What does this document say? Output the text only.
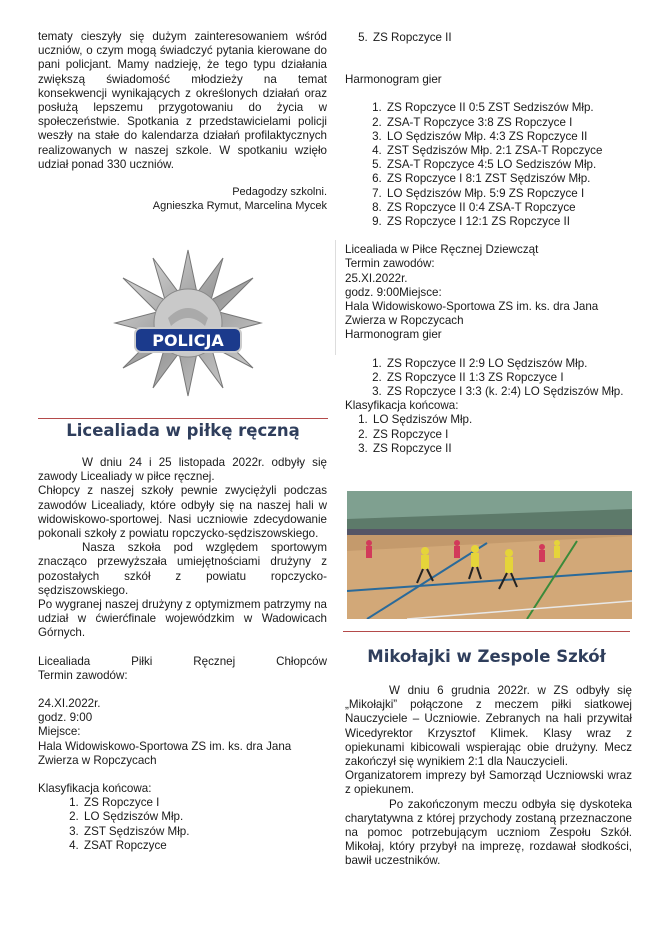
tematy cieszyły się dużym zainteresowaniem wśród uczniów, o czym mogą świadczyć pytania kierowane do pani policjant. Mamy nadzieję, że tego typu działania zwiększą świadomość młodzieży na temat konsekwencji wynikających z określonych działań oraz posłużą lepszemu przygotowaniu do życia w społeczeństwie. Spotkania z przedstawicielami policji weszły na stałe do kalendarza działań profilaktycznych realizowanych w naszej szkole. W spotkaniu wzięło udział ponad 330 uczniów.

Pedagodzy szkolni.

Agnieszka Rymut, Marcelina Mycek

POLICJA
Licealiada w piłkę ręczną

W dniu 24 i 25 listopada 2022r. odbyły się zawody Licealiady w piłce ręcznej.

Chłopcy z naszej szkoły pewnie zwyciężyli podczas zawodów Licealiady, które odbyły się na naszej hali w widowiskowo-sportowej. Nasi uczniowie zdecydowanie pokonali szkoły z powiatu ropczycko-sędziszowskiego.

Nasza szkoła pod względem sportowym znacząco przewyższała umiejętnościami drużyny z pozostałych szkół z powiatu ropczycko-sędziszowskiego.

Po wygranej naszej drużyny z optymizmem patrzymy na udział w ćwierćfinale wojewódzkim w Wadowicach Górnych.

Licealiada Piłki Ręcznej Chłopców

Termin zawodów:

24.XI.2022r.

godz. 9:00

Miejsce:

Hala Widowiskowo-Sportowa ZS im. ks. dra Jana Zwierza w Ropczycach

Klasyfikacja końcowa:

1. ZS Ropczyce I
2. LO Sędziszów Młp.
3. ZST Sędziszów Młp.
4. ZSAT Ropczyce
5. ZS Ropczyce II

Harmonogram gier

1. ZS Ropczyce II 0:5 ZST Sedziszów Młp.
2. ZSA-T Ropczyce 3:8 ZS Ropczyce I
3. LO Sędziszów Młp. 4:3 ZS Ropczyce II
4. ZST Sędziszów Młp. 2:1 ZSA-T Ropczyce
5. ZSA-T Ropczyce 4:5 LO Sedziszów Młp.
6. ZS Ropczyce I 8:1 ZST Sędziszów Młp.
7. LO Sędziszów Młp. 5:9 ZS Ropczyce I
8. ZS Ropczyce II 0:4 ZSA-T Ropczyce
9. ZS Ropczyce I 12:1 ZS Ropczyce II

Licealiada w Piłce Ręcznej Dziewcząt

Termin zawodów:

25.XI.2022r.

godz. 9:00Miejsce:

Hala Widowiskowo-Sportowa ZS im. ks. dra Jana Zwierza w Ropczycach

Harmonogram gier

1. ZS Ropczyce II 2:9 LO Sędziszów Młp.
2. ZS Ropczyce II 1:3 ZS Ropczyce I
3. ZS Ropczyce I 3:3 (k. 2:4) LO Sędziszów Młp.

Klasyfikacja końcowa:

1. LO Sędziszów Młp.
2. ZS Ropczyce I
3. ZS Ropczyce II
Mikołajki w Zespole Szkół

W dniu 6 grudnia 2022r. w ZS odbyły się „Mikołajki” połączone z meczem piłki siatkowej Nauczyciele – Uczniowie. Zebranych na hali przywitał Wicedyrektor Krzysztof Klimek. Klasy wraz z opiekunami kibicowali wspierając obie drużyny. Mecz zakończył się wynikiem 2:1 dla Nauczycieli.

Organizatorem imprezy był Samorząd Uczniowski wraz z opiekunem.

Po zakończonym meczu odbyła się dyskoteka charytatywna z której przychody zostaną przeznaczone na pomoc potrzebującym uczniom Zespołu Szkół. Mikołaj, który przybył na imprezę, rozdawał słodkości, bawił uczestników.
